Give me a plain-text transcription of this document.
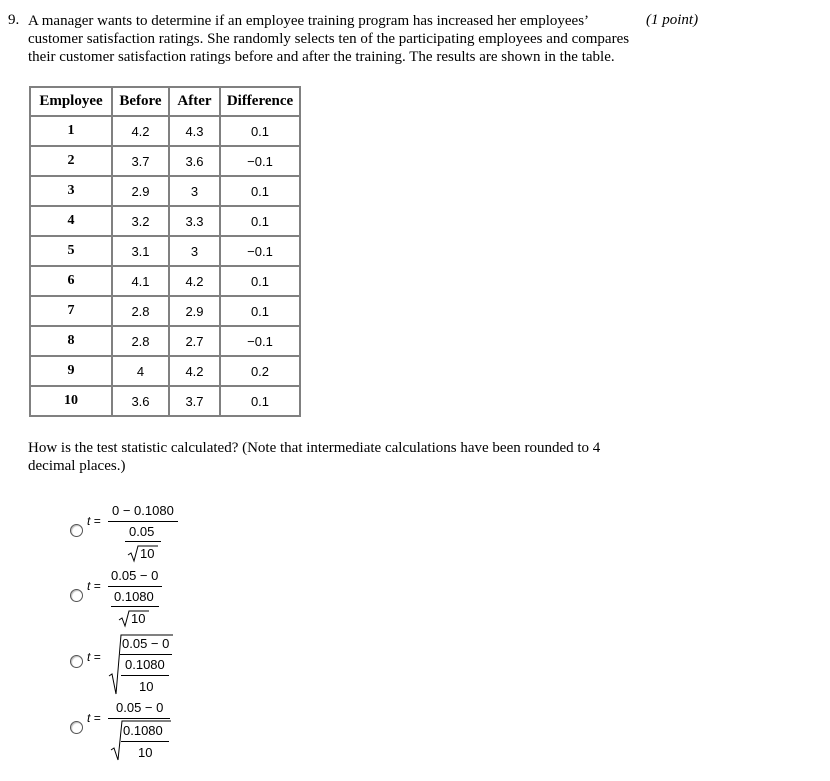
9. A manager wants to determine if an employee training program has increased her employees’ customer satisfaction ratings. She randomly selects ten of the participating employees and compares their customer satisfaction ratings before and after the training. The results are shown in the table.
(1 point)
Employee	Before	After	Difference
1	4.2	4.3	0.1
2	3.7	3.6	−0.1
3	2.9	3	0.1
4	3.2	3.3	0.1
5	3.1	3	−0.1
6	4.1	4.2	0.1
7	2.8	2.9	0.1
8	2.8	2.7	−0.1
9	4	4.2	0.2
10	3.6	3.7	0.1
How is the test statistic calculated? (Note that intermediate calculations have been rounded to 4 decimal places.)
t =
0 − 0.1080
0.05
10
t =
0.05 − 0
0.1080
10
t =
0.05 − 0
0.1080
10
t =
0.05 − 0
0.1080
10
